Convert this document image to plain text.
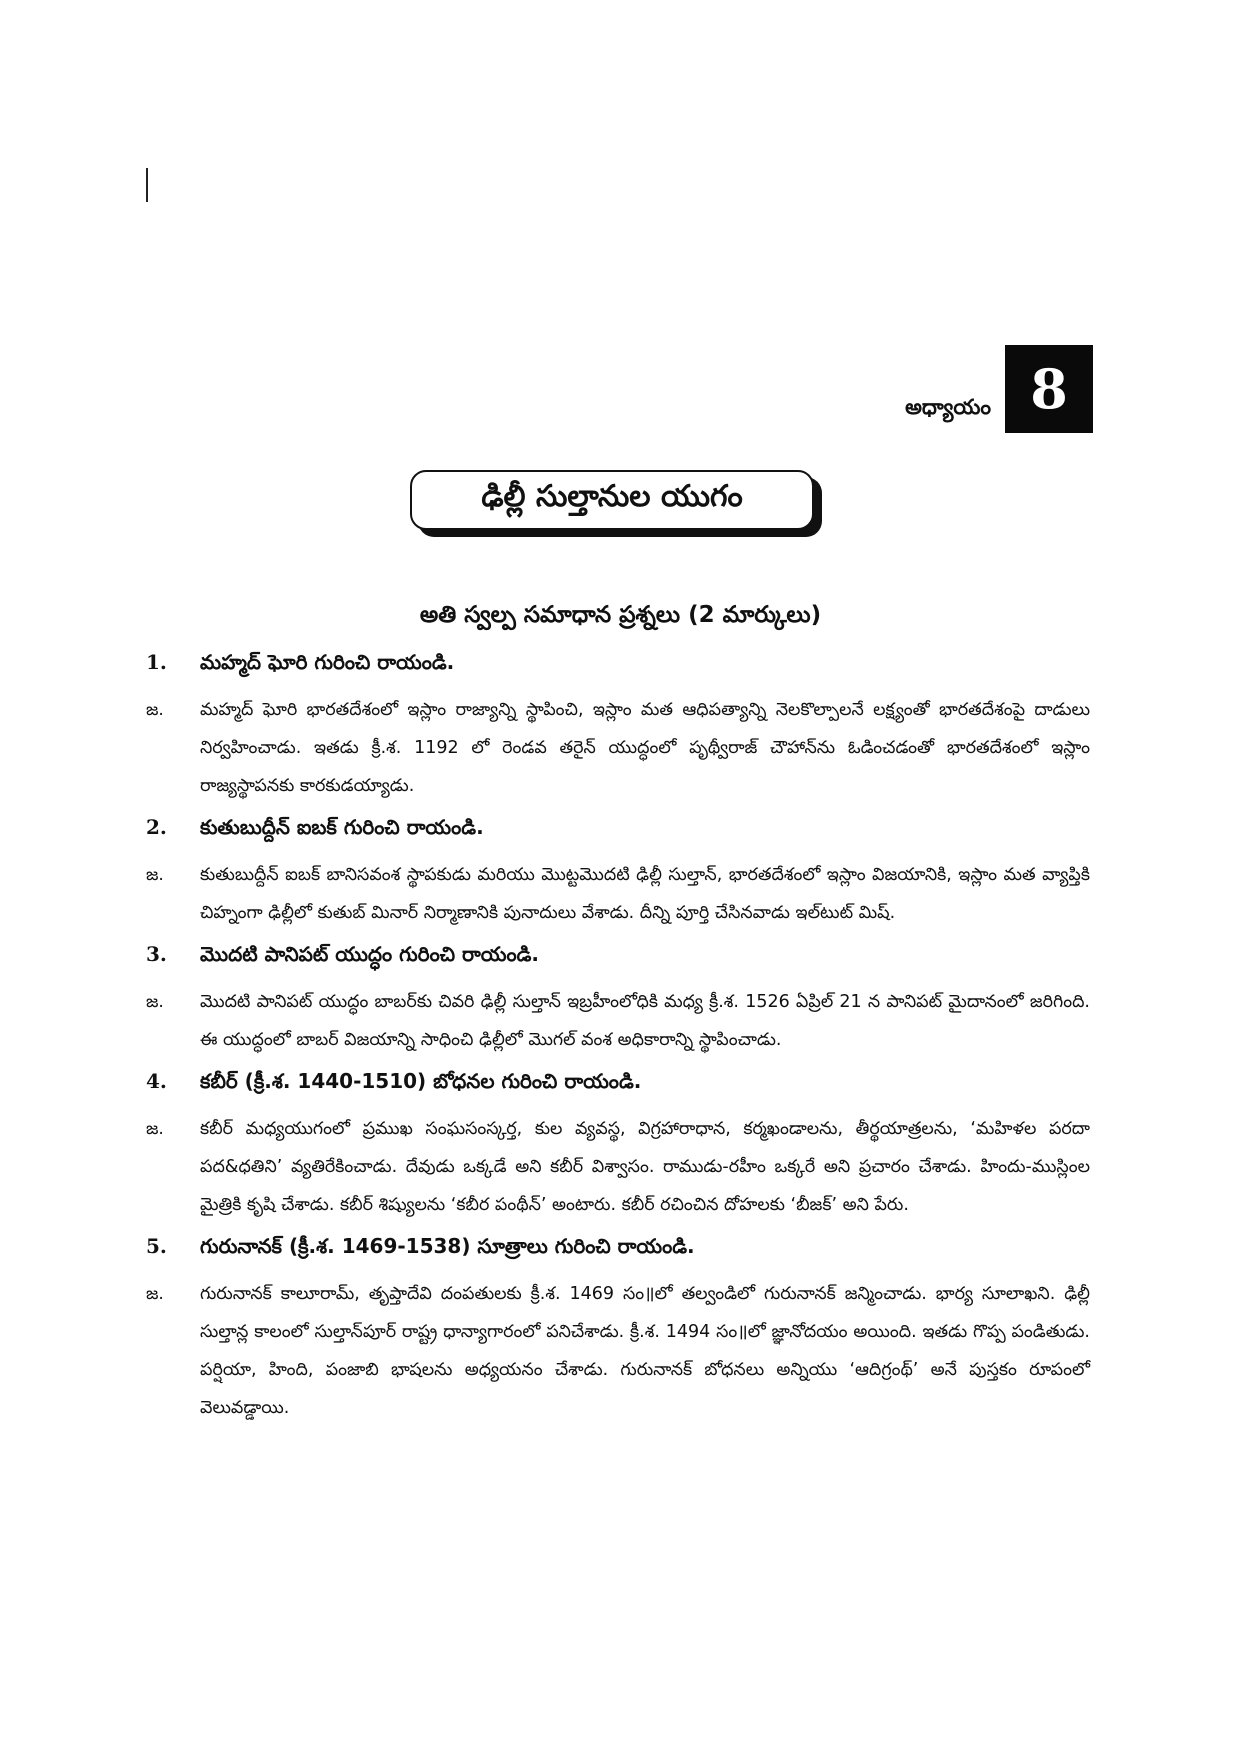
అధ్యాయం 8
ఢిల్లీ సుల్తానుల యుగం
అతి స్వల్ప సమాధాన ప్రశ్నలు (2 మార్కులు)
1.	మహ్మద్ ఘోరి గురించి రాయండి.
జ.	మహ్మద్ ఘోరి భారతదేశంలో ఇస్లాం రాజ్యాన్ని స్థాపించి, ఇస్లాం మత ఆధిపత్యాన్ని నెలకొల్పాలనే లక్ష్యంతో భారతదేశంపై దాడులు నిర్వహించాడు. ఇతడు క్రీ.శ. 1192 లో రెండవ తరైన్ యుద్ధంలో పృథ్వీరాజ్ చౌహాన్‌ను ఓడించడంతో భారతదేశంలో ఇస్లాం రాజ్యస్థాపనకు కారకుడయ్యాడు.
2.	కుతుబుద్దీన్ ఐబక్ గురించి రాయండి.
జ.	కుతుబుద్దీన్ ఐబక్ బానిసవంశ స్థాపకుడు మరియు మొట్టమొదటి ఢిల్లీ సుల్తాన్, భారతదేశంలో ఇస్లాం విజయానికి, ఇస్లాం మత వ్యాప్తికి చిహ్నంగా ఢిల్లీలో కుతుబ్ మినార్ నిర్మాణానికి పునాదులు వేశాడు. దీన్ని పూర్తి చేసినవాడు ఇల్‌టుట్ మిష్.
3.	మొదటి పానిపట్ యుద్ధం గురించి రాయండి.
జ.	మొదటి పానిపట్ యుద్ధం బాబర్‌కు చివరి ఢిల్లీ సుల్తాన్ ఇబ్రహీంలోధికి మధ్య క్రీ.శ. 1526 ఏప్రిల్ 21 న పానిపట్ మైదానంలో జరిగింది. ఈ యుద్ధంలో బాబర్ విజయాన్ని సాధించి ఢిల్లీలో మొగల్ వంశ అధికారాన్ని స్థాపించాడు.
4.	కబీర్ (క్రీ.శ. 1440-1510) బోధనల గురించి రాయండి.
జ.	కబీర్ మధ్యయుగంలో ప్రముఖ సంఘసంస్కర్త, కుల వ్యవస్థ, విగ్రహారాధాన, కర్మఖండాలను, తీర్థయాత్రలను, ‘మహిళల పరదా పద&ధతిని’ వ్యతిరేకించాడు. దేవుడు ఒక్కడే అని కబీర్ విశ్వాసం. రాముడు-రహీం ఒక్కరే అని ప్రచారం చేశాడు. హిందు-ముస్లింల మైత్రికి కృషి చేశాడు. కబీర్ శిష్యులను ‘కబీర పంథీన్’ అంటారు. కబీర్ రచించిన దోహలకు ‘బీజక్’ అని పేరు.
5.	గురునానక్ (క్రీ.శ. 1469-1538) సూత్రాలు గురించి రాయండి.
జ.	గురునానక్ కాలూరామ్, తృప్తాదేవి దంపతులకు క్రీ.శ. 1469 సం॥లో తల్వండిలో గురునానక్ జన్మించాడు. భార్య సూలాఖని. ఢిల్లీ సుల్తాన్ల కాలంలో సుల్తాన్‌పూర్ రాష్ట్ర ధాన్యాగారంలో పనిచేశాడు. క్రీ.శ. 1494 సం॥లో జ్ఞానోదయం అయింది. ఇతడు గొప్ప పండితుడు. పర్షియా, హింది, పంజాబి భాషలను అధ్యయనం చేశాడు. గురునానక్ బోధనలు అన్నియు ‘ఆదిగ్రంథ్’ అనే పుస్తకం రూపంలో వెలువడ్డాయి.
